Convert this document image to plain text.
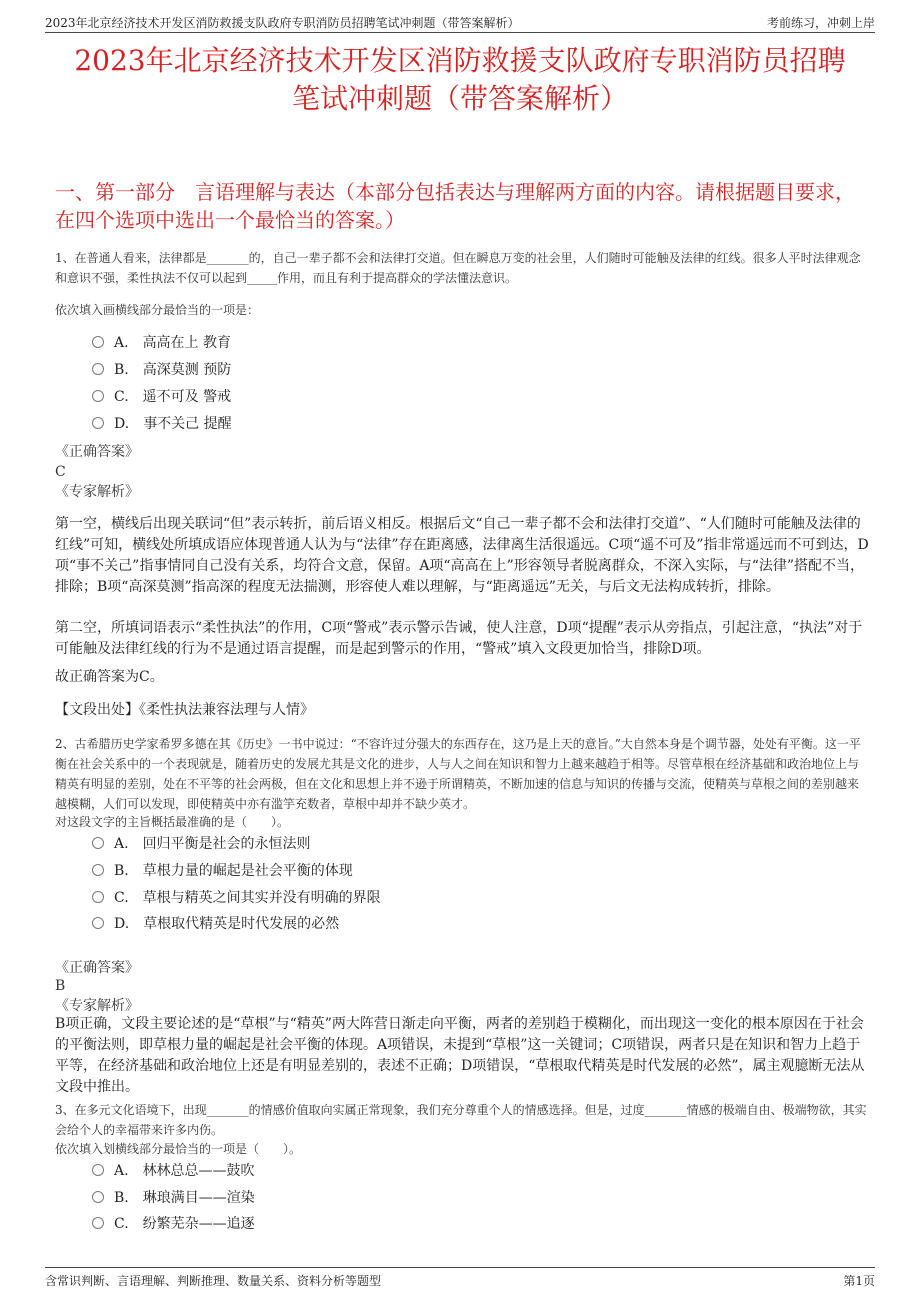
2023年北京经济技术开发区消防救援支队政府专职消防员招聘笔试冲刺题（带答案解析）	考前练习，冲刺上岸
2023年北京经济技术开发区消防救援支队政府专职消防员招聘
笔试冲刺题（带答案解析）
一、第一部分　言语理解与表达（本部分包括表达与理解两方面的内容。请根据题目要求，在四个选项中选出一个最恰当的答案。）
1、在普通人看来，法律都是_______的，自己一辈子都不会和法律打交道。但在瞬息万变的社会里，人们随时可能触及法律的红线。很多人平时法律观念和意识不强，柔性执法不仅可以起到_____作用，而且有利于提高群众的学法懂法意识。
依次填入画横线部分最恰当的一项是：
A. 高高在上 教育
B. 高深莫测 预防
C. 遥不可及 警戒
D. 事不关己 提醒
《正确答案》
C
《专家解析》
第一空，横线后出现关联词“但”表示转折，前后语义相反。根据后文“自己一辈子都不会和法律打交道”、“人们随时可能触及法律的红线”可知，横线处所填成语应体现普通人认为与“法律”存在距离感，法律离生活很遥远。C项“遥不可及”指非常遥远而不可到达，D项“事不关己”指事情同自己没有关系，均符合文意，保留。A项“高高在上”形容领导者脱离群众，不深入实际，与“法律”搭配不当，排除；B项“高深莫测”指高深的程度无法揣测，形容使人难以理解，与“距离遥远”无关，与后文无法构成转折，排除。
第二空，所填词语表示“柔性执法”的作用，C项“警戒”表示警示告诫，使人注意，D项“提醒”表示从旁指点，引起注意，“执法”对于可能触及法律红线的行为不是通过语言提醒，而是起到警示的作用，“警戒”填入文段更加恰当，排除D项。
故正确答案为C。
【文段出处】《柔性执法兼容法理与人情》
2、古希腊历史学家希罗多德在其《历史》一书中说过：“不容许过分强大的东西存在，这乃是上天的意旨。”大自然本身是个调节器，处处有平衡。这一平衡在社会关系中的一个表现就是，随着历史的发展尤其是文化的进步，人与人之间在知识和智力上越来越趋于相等。尽管草根在经济基础和政治地位上与精英有明显的差别，处在不平等的社会两极，但在文化和思想上并不逊于所谓精英，不断加速的信息与知识的传播与交流，使精英与草根之间的差别越来越模糊，人们可以发现，即使精英中亦有滥竽充数者，草根中却并不缺少英才。
对这段文字的主旨概括最准确的是（　　）。
A. 回归平衡是社会的永恒法则
B. 草根力量的崛起是社会平衡的体现
C. 草根与精英之间其实并没有明确的界限
D. 草根取代精英是时代发展的必然
《正确答案》
B
《专家解析》
B项正确，文段主要论述的是“草根”与“精英”两大阵营日渐走向平衡，两者的差别趋于模糊化，而出现这一变化的根本原因在于社会的平衡法则，即草根力量的崛起是社会平衡的体现。A项错误，未提到“草根”这一关键词；C项错误，两者只是在知识和智力上趋于平等，在经济基础和政治地位上还是有明显差别的，表述不正确；D项错误，“草根取代精英是时代发展的必然”，属主观臆断无法从文段中推出。
3、在多元文化语境下，出现_______的情感价值取向实属正常现象，我们充分尊重个人的情感选择。但是，过度_______情感的极端自由、极端物欲，其实会给个人的幸福带来许多内伤。
依次填入划横线部分最恰当的一项是（　　）。
A. 林林总总——鼓吹
B. 琳琅满目——渲染
C. 纷繁芜杂——追逐
含常识判断、言语理解、判断推理、数量关系、资料分析等题型	第1页
